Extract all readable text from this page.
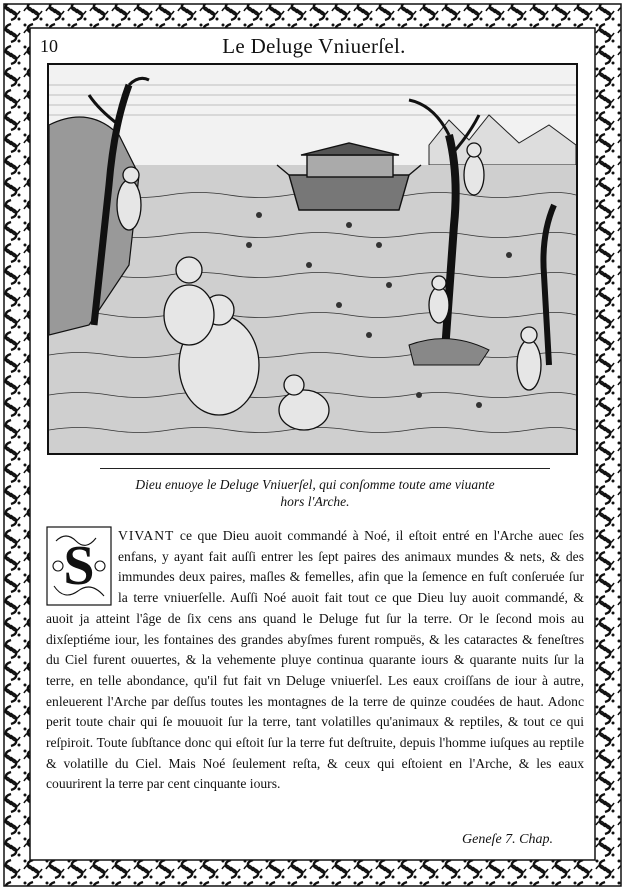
10	Le Deluge Vniuerſel.
Dieu enuoye le Deluge Vniuerſel, qui conſomme toute ame viuante
hors l'Arche.
S VIVANT ce que Dieu auoit commandé à Noé, il eſtoit entré en l'Arche auec ſes enfans, y ayant fait auſſi entrer les ſept paires des animaux mundes & nets, & des immundes deux paires, maſles & femelles, afin que la ſemence en fuſt conſeruée ſur la terre vniuerſelle. Auſſi Noé auoit fait tout ce que Dieu luy auoit commandé, & auoit ja atteint l'âge de ſix cens ans quand le Deluge fut ſur la terre. Or le ſecond mois au dixſeptiéme iour, les fontaines des grandes abyſmes furent rompuës, & les cataractes & feneſtres du Ciel furent ouuertes, & la vehemente pluye continua quarante iours & quarante nuits ſur la terre, en telle abondance, qu'il fut fait vn Deluge vniuerſel. Les eaux croiſſans de iour à autre, enleuerent l'Arche par deſſus toutes les montagnes de la terre de quinze coudées de haut. Adonc perit toute chair qui ſe mouuoit ſur la terre, tant volatilles qu'animaux & reptiles, & tout ce qui reſpiroit. Toute ſubſtance donc qui eſtoit ſur la terre fut deſtruite, depuis l'homme iuſques au reptile & volatille du Ciel. Mais Noé ſeulement reſta, & ceux qui eſtoient en l'Arche, & les eaux couurirent la terre par cent cinquante iours.
Geneſe 7. Chap.
